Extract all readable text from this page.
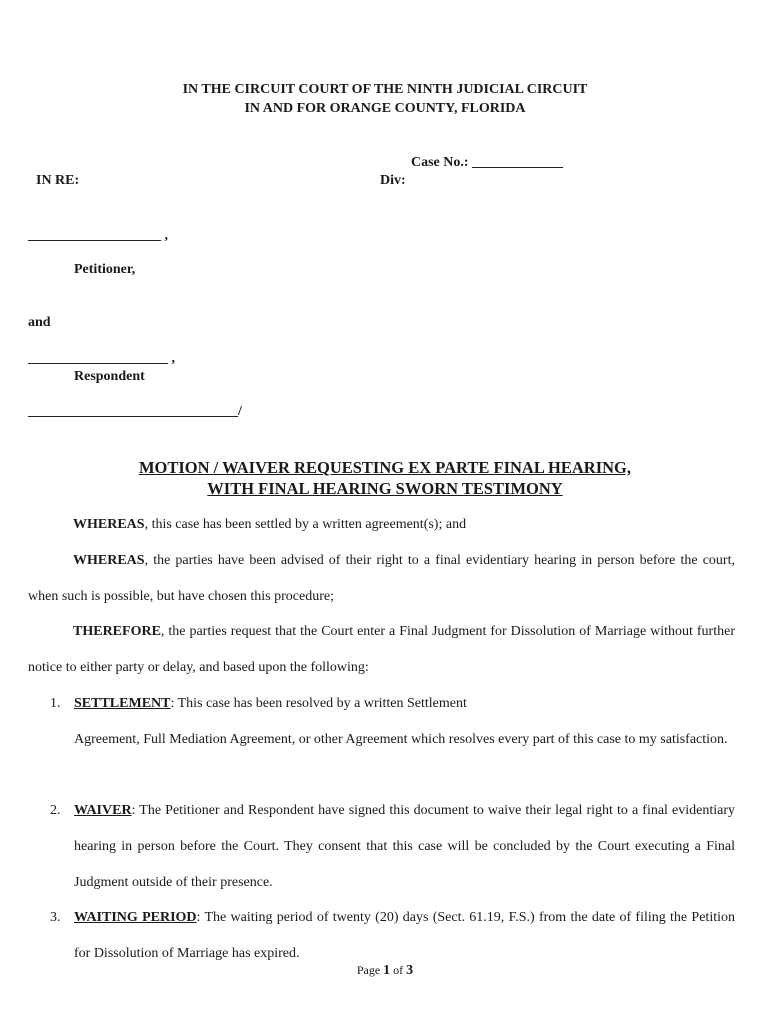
IN THE CIRCUIT COURT OF THE NINTH JUDICIAL CIRCUIT
IN AND FOR ORANGE COUNTY, FLORIDA
Case No.: _____________
IN RE:	Div:
___________________ ,
Petitioner,
and
____________________ ,
Respondent
______________________________/
MOTION / WAIVER REQUESTING EX PARTE FINAL HEARING,
WITH FINAL HEARING SWORN TESTIMONY
WHEREAS, this case has been settled by a written agreement(s); and
WHEREAS, the parties have been advised of their right to a final evidentiary hearing in person before the court, when such is possible, but have chosen this procedure;
THEREFORE, the parties request that the Court enter a Final Judgment for Dissolution of Marriage without further notice to either party or delay, and based upon the following:
1. SETTLEMENT: This case has been resolved by a written Settlement
Agreement, Full Mediation Agreement, or other Agreement which resolves every part of this case to my satisfaction.
2. WAIVER: The Petitioner and Respondent have signed this document to waive their legal right to a final evidentiary hearing in person before the Court. They consent that this case will be concluded by the Court executing a Final Judgment outside of their presence.
3. WAITING PERIOD: The waiting period of twenty (20) days (Sect. 61.19, F.S.) from the date of filing the Petition for Dissolution of Marriage has expired.
Page 1 of 3
